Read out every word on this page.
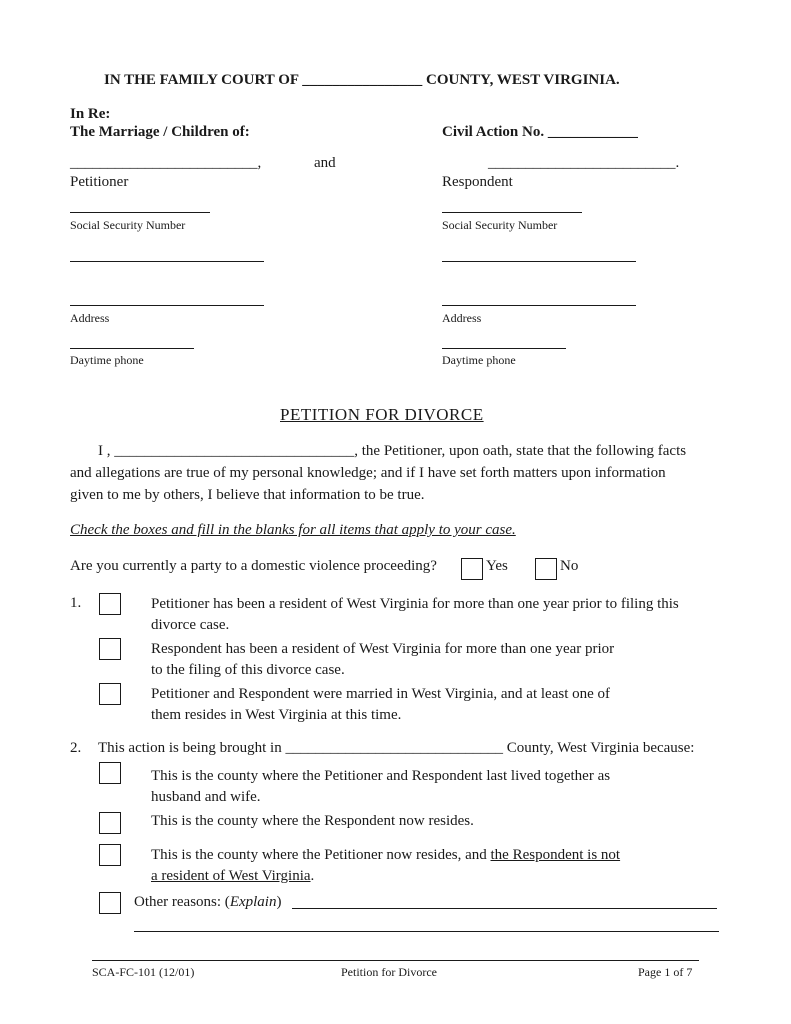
IN THE FAMILY COURT OF ________________ COUNTY, WEST VIRGINIA.
In Re:
The Marriage / Children of:	Civil Action No. ____________
_________________________,	and	_________________________.
Petitioner	Respondent
Social Security Number	Social Security Number
Address	Address
Daytime phone	Daytime phone
PETITION FOR DIVORCE
I , ________________________________, the Petitioner, upon oath, state that the following facts
and allegations are true of my personal knowledge; and if I have set forth matters upon information
given to me by others, I believe that information to be true.
Check the boxes and fill in the blanks for all items that apply to your case.
Are you currently a party to a domestic violence proceeding?	Yes	No
1.	Petitioner has been a resident of West Virginia for more than one year prior to filing this
divorce case.
Respondent has been a resident of West Virginia for more than one year prior
to the filing of this divorce case.
Petitioner and Respondent were married in West Virginia, and at least one of
them resides in West Virginia at this time.
2. This action is being brought in _____________________________ County, West Virginia because:
This is the county where the Petitioner and Respondent last lived together as
husband and wife.
This is the county where the Respondent now resides.
This is the county where the Petitioner now resides, and the Respondent is not
a resident of West Virginia.
Other reasons: (Explain)
SCA-FC-101 (12/01)	Petition for Divorce	Page 1 of 7
